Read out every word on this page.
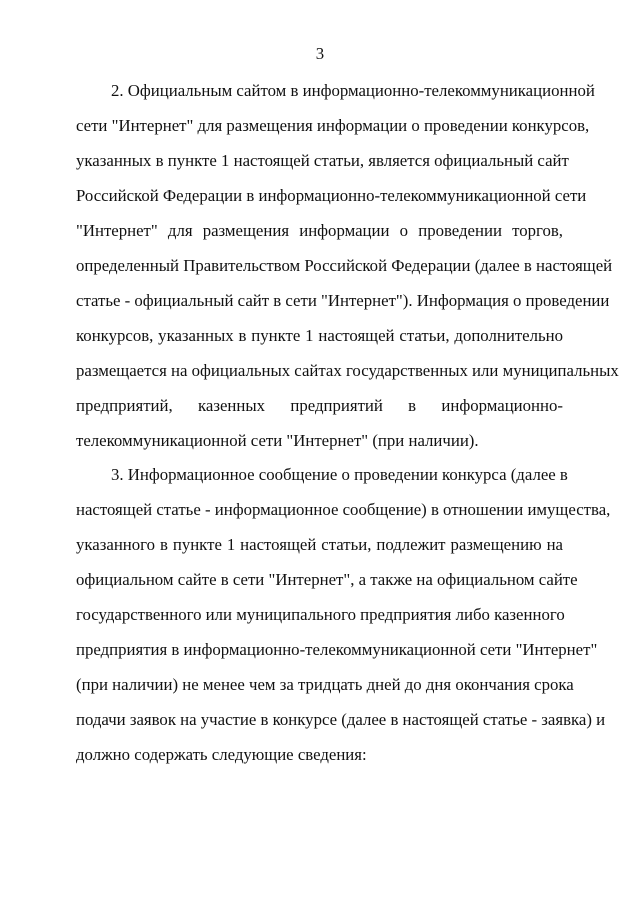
3
2. Официальным сайтом в информационно-телекоммуникационной
сети "Интернет" для размещения информации о проведении конкурсов,
указанных в пункте 1 настоящей статьи, является официальный сайт
Российской Федерации в информационно-телекоммуникационной сети
"Интернет" для размещения информации о проведении торгов,
определенный Правительством Российской Федерации (далее в настоящей
статье - официальный сайт в сети "Интернет"). Информация о проведении
конкурсов, указанных в пункте 1 настоящей статьи, дополнительно
размещается на официальных сайтах государственных или муниципальных
предприятий, казенных предприятий в информационно-
телекоммуникационной сети "Интернет" (при наличии).
3. Информационное сообщение о проведении конкурса (далее в
настоящей статье - информационное сообщение) в отношении имущества,
указанного в пункте 1 настоящей статьи, подлежит размещению на
официальном сайте в сети "Интернет", а также на официальном сайте
государственного или муниципального предприятия либо казенного
предприятия в информационно-телекоммуникационной сети "Интернет"
(при наличии) не менее чем за тридцать дней до дня окончания срока
подачи заявок на участие в конкурсе (далее в настоящей статье - заявка) и
должно содержать следующие сведения:
